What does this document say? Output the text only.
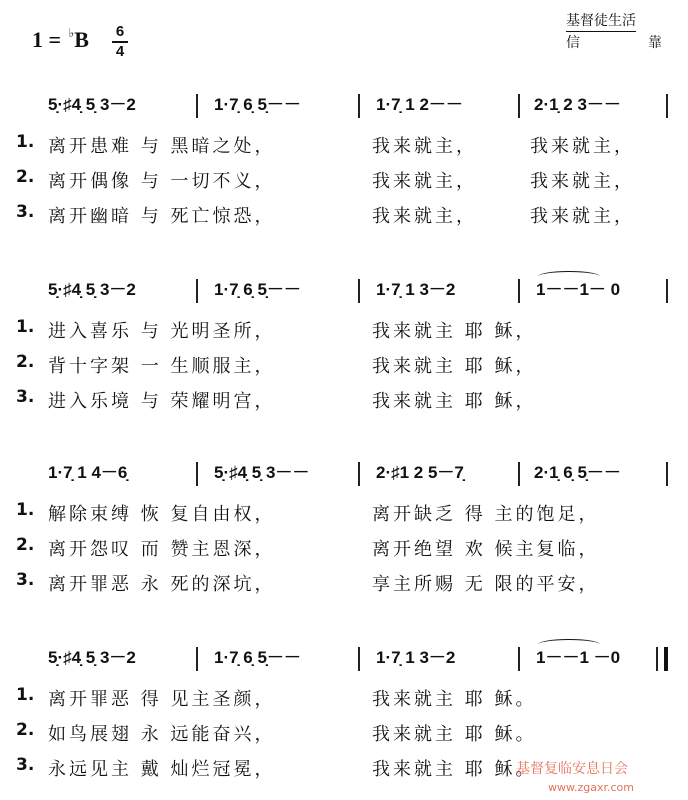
1 = ♭B 6
4
基督徒生活
信	靠
5̣·♯4̣ 5̣ 3－2	1·7̣ 6̣ 5̣－－	1·7̣ 1 2－－	2·1̣ 2 3－－
1. 离开患难 与 黑暗之处，	我来就主，	我来就主，
2. 离开偶像 与 一切不义，	我来就主，	我来就主，
3. 离开幽暗 与 死亡惊恐，	我来就主，	我来就主，
5̣·♯4̣ 5̣ 3－2	1·7̣ 6̣ 5̣－－	1·7̣ 1 3－2	1－－1－ 0
1. 进入喜乐 与 光明圣所，	我来就主 耶 稣，
2. 背十字架 一 生顺服主，	我来就主 耶 稣，
3. 进入乐境 与 荣耀明宫，	我来就主 耶 稣，
1·7̣ 1 4－6̣	5̣·♯4̣ 5̣ 3－－	2·♯1 2 5－7̣	2·1̣ 6̣ 5̣－－
1. 解除束缚 恢 复自由权，	离开缺乏 得 主的饱足，
2. 离开怨叹 而 赞主恩深，	离开绝望 欢 候主复临，
3. 离开罪恶 永 死的深坑，	享主所赐 无 限的平安，
5̣·♯4̣ 5̣ 3－2	1·7̣ 6̣ 5̣－－	1·7̣ 1 3－2	1－－1 －0
1. 离开罪恶 得 见主圣颜，	我来就主 耶 稣。
2. 如鸟展翅 永 远能奋兴，	我来就主 耶 稣。
3. 永远见主 戴 灿烂冠冕，	我来就主 耶 稣。
基督复临安息日会
www.zgaxr.com
